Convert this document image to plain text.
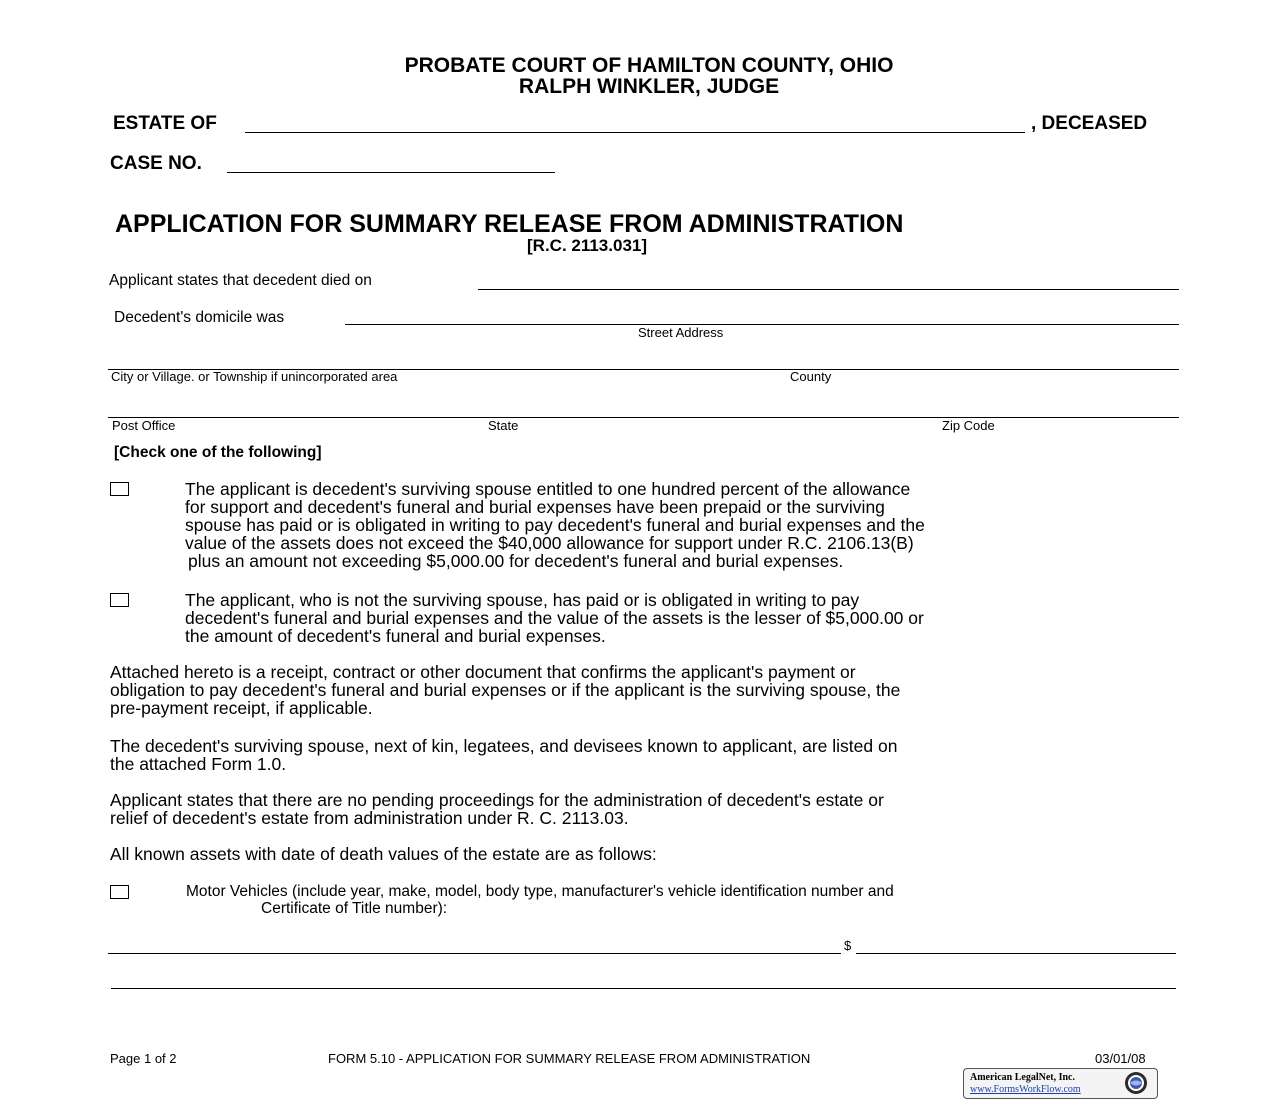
PROBATE COURT OF HAMILTON COUNTY, OHIO
RALPH WINKLER, JUDGE
ESTATE OF	, DECEASED
CASE NO.
APPLICATION FOR SUMMARY RELEASE FROM ADMINISTRATION
[R.C. 2113.031]
Applicant states that decedent died on
Decedent's domicile was
Street Address
City or Village. or Township if unincorporated area	County
Post Office	State	Zip Code
[Check one of the following]
The applicant is decedent's surviving spouse entitled to one hundred percent of the allowance
for support and decedent's funeral and burial expenses have been prepaid or the surviving
spouse has paid or is obligated in writing to pay decedent's funeral and burial expenses and the
value of the assets does not exceed the $40,000 allowance for support under R.C. 2106.13(B)
plus an amount not exceeding $5,000.00 for decedent's funeral and burial expenses.
The applicant, who is not the surviving spouse, has paid or is obligated in writing to pay
decedent's funeral and burial expenses and the value of the assets is the lesser of $5,000.00 or
the amount of decedent's funeral and burial expenses.
Attached hereto is a receipt, contract or other document that confirms the applicant's payment or
obligation to pay decedent's funeral and burial expenses or if the applicant is the surviving spouse, the
pre-payment receipt, if applicable.
The decedent's surviving spouse, next of kin, legatees, and devisees known to applicant, are listed on
the attached Form 1.0.
Applicant states that there are no pending proceedings for the administration of decedent's estate or
relief of decedent's estate from administration under R. C. 2113.03.
All known assets with date of death values of the estate are as follows:
Motor Vehicles (include year, make, model, body type, manufacturer's vehicle identification number and
Certificate of Title number):
$
Page 1 of 2	FORM 5.10 - APPLICATION FOR SUMMARY RELEASE FROM ADMINISTRATION	03/01/08
American LegalNet, Inc.
www.FormsWorkFlow.com
